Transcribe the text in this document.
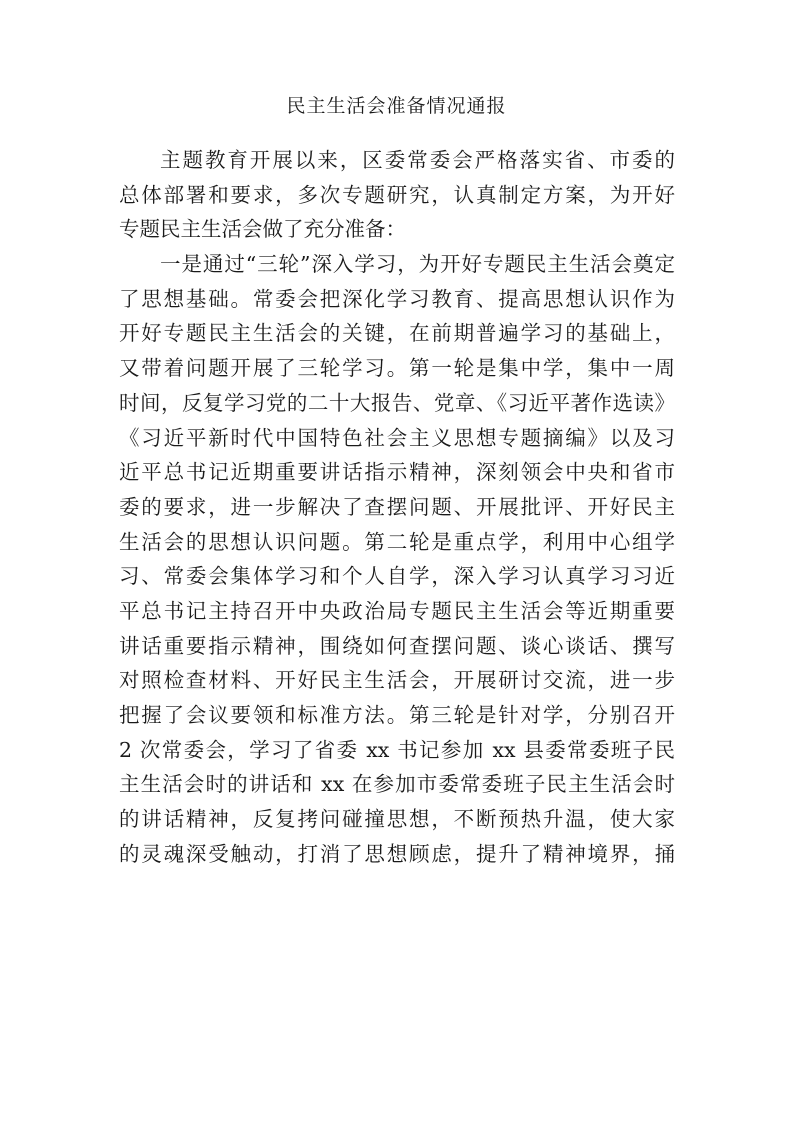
民主生活会准备情况通报
主题教育开展以来，区委常委会严格落实省、市委的
总体部署和要求，多次专题研究，认真制定方案，为开好
专题民主生活会做了充分准备：
一是通过“三轮”深入学习，为开好专题民主生活会奠定
了思想基础。常委会把深化学习教育、提高思想认识作为
开好专题民主生活会的关键，在前期普遍学习的基础上，
又带着问题开展了三轮学习。第一轮是集中学，集中一周
时间，反复学习党的二十大报告、党章、《习近平著作选读》
《习近平新时代中国特色社会主义思想专题摘编》以及习
近平总书记近期重要讲话指示精神，深刻领会中央和省市
委的要求，进一步解决了查摆问题、开展批评、开好民主
生活会的思想认识问题。第二轮是重点学，利用中心组学
习、常委会集体学习和个人自学，深入学习认真学习习近
平总书记主持召开中央政治局专题民主生活会等近期重要
讲话重要指示精神，围绕如何查摆问题、谈心谈话、撰写
对照检查材料、开好民主生活会，开展研讨交流，进一步
把握了会议要领和标准方法。第三轮是针对学，分别召开
2 次常委会，学习了省委 xx 书记参加 xx 县委常委班子民
主生活会时的讲话和 xx 在参加市委常委班子民主生活会时
的讲话精神，反复拷问碰撞思想，不断预热升温，使大家
的灵魂深受触动，打消了思想顾虑，提升了精神境界，捅
